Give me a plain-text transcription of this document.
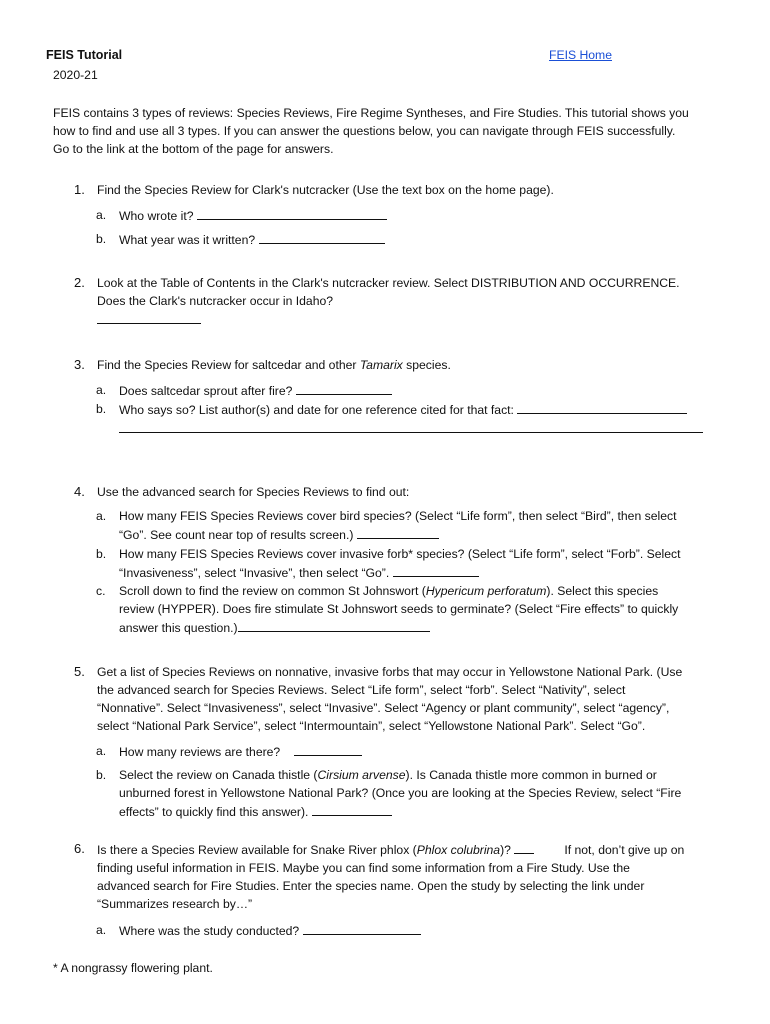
FEIS Tutorial
2020-21
FEIS Home

FEIS contains 3 types of reviews: Species Reviews, Fire Regime Syntheses, and Fire Studies. This tutorial shows you

how to find and use all 3 types. If you can answer the questions below, you can navigate through FEIS successfully.

Go to the link at the bottom of the page for answers.

1. Find the Species Review for Clark's nutcracker (Use the text box on the home page).

a. Who wrote it?

b. What year was it written?

2. Look at the Table of Contents in the Clark's nutcracker review. Select DISTRIBUTION AND OCCURRENCE.

Does the Clark's nutcracker occur in Idaho?

3. Find the Species Review for saltcedar and other Tamarix species.

a. Does saltcedar sprout after fire?

b. Who says so? List author(s) and date for one reference cited for that fact:

4. Use the advanced search for Species Reviews to find out:

a. How many FEIS Species Reviews cover bird species? (Select “Life form”, then select “Bird”, then select

“Go”. See count near top of results screen.)

b. How many FEIS Species Reviews cover invasive forb* species? (Select “Life form”, select “Forb”. Select

“Invasiveness”, select “Invasive”, then select “Go”.

c. Scroll down to find the review on common St Johnswort (Hypericum perforatum). Select this species

review (HYPPER). Does fire stimulate St Johnswort seeds to germinate? (Select “Fire effects” to quickly

answer this question.)

5. Get a list of Species Reviews on nonnative, invasive forbs that may occur in Yellowstone National Park. (Use

the advanced search for Species Reviews. Select “Life form”, select “forb”. Select “Nativity”, select

“Nonnative”. Select “Invasiveness”, select “Invasive”. Select “Agency or plant community”, select “agency”,

select “National Park Service”, select “Intermountain”, select “Yellowstone National Park”. Select “Go”.

a. How many reviews are there?

b. Select the review on Canada thistle (Cirsium arvense). Is Canada thistle more common in burned or

unburned forest in Yellowstone National Park? (Once you are looking at the Species Review, select “Fire

effects” to quickly find this answer).

6. Is there a Species Review available for Snake River phlox (Phlox colubrina)?	If not, don’t give up on

finding useful information in FEIS. Maybe you can find some information from a Fire Study. Use the

advanced search for Fire Studies. Enter the species name. Open the study by selecting the link under

“Summarizes research by…”

a. Where was the study conducted?

* A nongrassy flowering plant.
